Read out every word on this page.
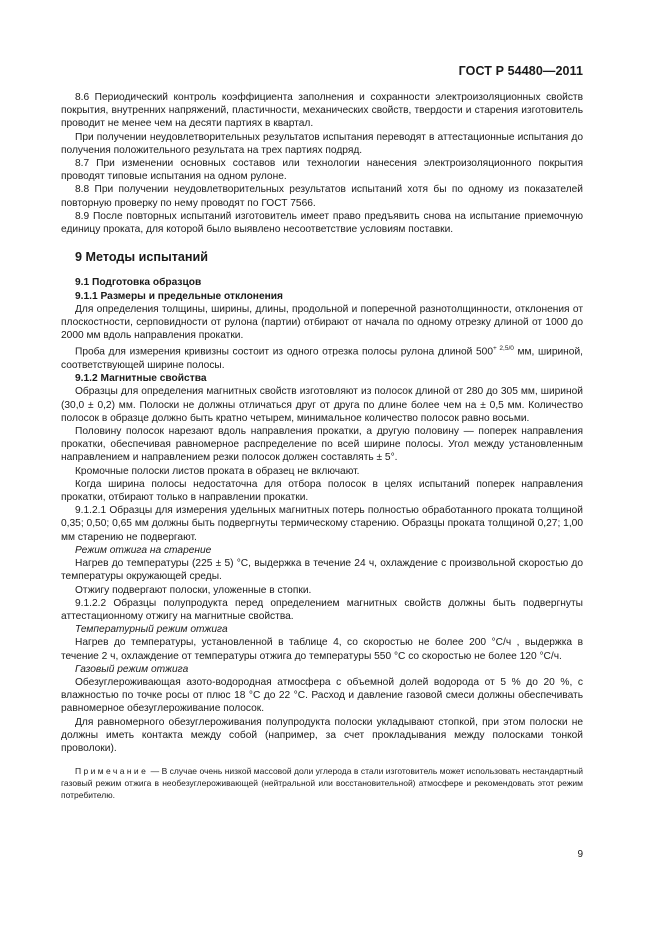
ГОСТ Р 54480—2011

8.6 Периодический контроль коэффициента заполнения и сохранности электроизоляционных свойств покрытия, внутренних напряжений, пластичности, механических свойств, твердости и старения изготовитель проводит не менее чем на десяти партиях в квартал.

При получении неудовлетворительных результатов испытания переводят в аттестационные испытания до получения положительного результата на трех партиях подряд.

8.7 При изменении основных составов или технологии нанесения электроизоляционного покрытия проводят типовые испытания на одном рулоне.

8.8 При получении неудовлетворительных результатов испытаний хотя бы по одному из показателей повторную проверку по нему проводят по ГОСТ 7566.

8.9 После повторных испытаний изготовитель имеет право предъявить снова на испытание приемочную единицу проката, для которой было выявлено несоответствие условиям поставки.

9 Методы испытаний

9.1 Подготовка образцов

9.1.1 Размеры и предельные отклонения

Для определения толщины, ширины, длины, продольной и поперечной разнотолщинности, отклонения от плоскостности, серповидности от рулона (партии) отбирают от начала по одному отрезку длиной от 1000 до 2000 мм вдоль направления прокатки.

Проба для измерения кривизны состоит из одного отрезка полосы рулона длиной $500^{+ 2,5/0}$ мм, шириной, соответствующей ширине полосы.

9.1.2 Магнитные свойства

Образцы для определения магнитных свойств изготовляют из полосок длиной от 280 до 305 мм, шириной (30,0 ± 0,2) мм. Полоски не должны отличаться друг от друга по длине более чем на ± 0,5 мм. Количество полосок в образце должно быть кратно четырем, минимальное количество полосок равно восьми.

Половину полосок нарезают вдоль направления прокатки, а другую половину — поперек направления прокатки, обеспечивая равномерное распределение по всей ширине полосы. Угол между установленным направлением и направлением резки полосок должен составлять ± 5°.

Кромочные полоски листов проката в образец не включают.

Когда ширина полосы недостаточна для отбора полосок в целях испытаний поперек направления прокатки, отбирают только в направлении прокатки.

9.1.2.1 Образцы для измерения удельных магнитных потерь полностью обработанного проката толщиной 0,35; 0,50; 0,65 мм должны быть подвергнуты термическому старению. Образцы проката толщиной 0,27; 1,00 мм старению не подвергают.

Режим отжига на старение

Нагрев до температуры (225 ± 5) °С, выдержка в течение 24 ч, охлаждение с произвольной скоростью до температуры окружающей среды.

Отжигу подвергают полоски, уложенные в стопки.

9.1.2.2 Образцы полупродукта перед определением магнитных свойств должны быть подвергнуты аттестационному отжигу на магнитные свойства.

Температурный режим отжига

Нагрев до температуры, установленной в таблице 4, со скоростью не более 200 °С/ч , выдержка в течение 2 ч, охлаждение от температуры отжига до температуры 550 °С со скоростью не более 120 °С/ч.

Газовый режим отжига

Обезуглероживающая азото-водородная атмосфера с объемной долей водорода от 5 % до 20 %, с влажностью по точке росы от плюс 18 °С до 22 °С. Расход и давление газовой смеси должны обеспечивать равномерное обезуглероживание полосок.

Для равномерного обезуглероживания полупродукта полоски укладывают стопкой, при этом полоски не должны иметь контакта между собой (например, за счет прокладывания между полосками тонкой проволоки).

Примечание — В случае очень низкой массовой доли углерода в стали изготовитель может использовать нестандартный газовый режим отжига в необезуглероживающей (нейтральной или восстановительной) атмосфере и рекомендовать этот режим потребителю.

9
